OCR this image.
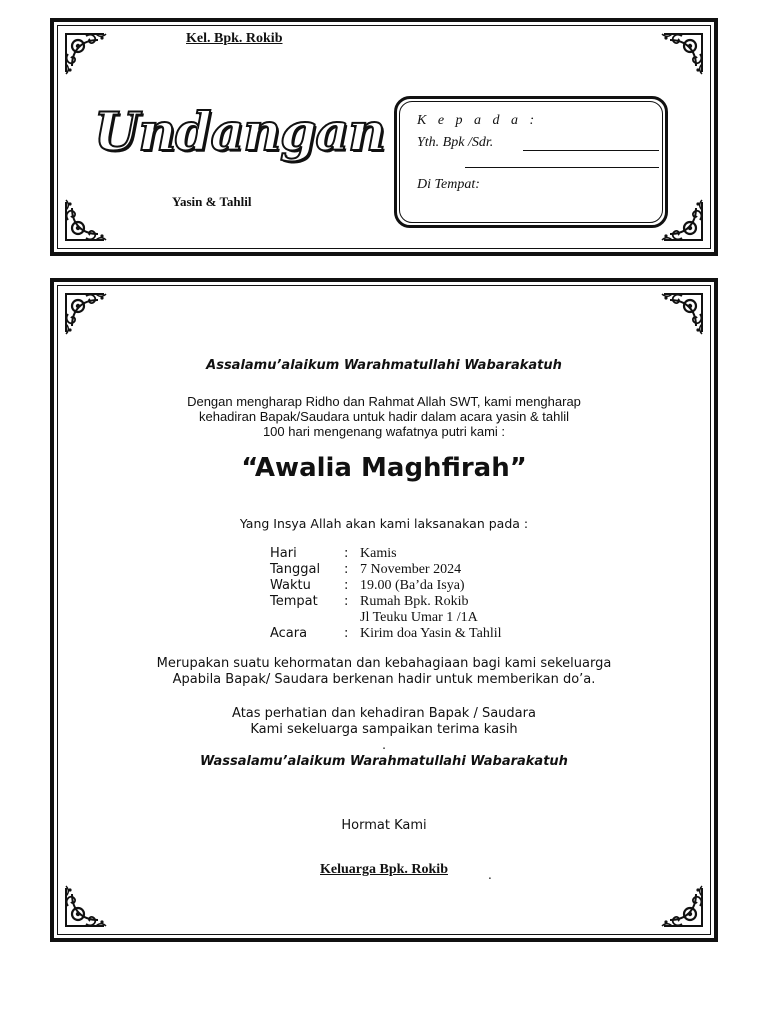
Kel. Bpk. Rokib
Undangan
Yasin & Tahlil
K e p a d a :
Yth. Bpk /Sdr.
Di Tempat:
Assalamu’alaikum Warahmatullahi Wabarakatuh
Dengan mengharap Ridho dan Rahmat Allah SWT, kami mengharap
kehadiran Bapak/Saudara untuk hadir dalam acara yasin & tahlil
100 hari mengenang wafatnya putri kami :
“Awalia Maghfirah”
Yang Insya Allah akan kami laksanakan pada :
Hari	: Kamis
Tanggal : 7 November 2024
Waktu	: 19.00 (Ba’da Isya)
Tempat : Rumah Bpk. Rokib
Jl Teuku Umar 1 /1A
Acara	: Kirim doa Yasin & Tahlil
Merupakan suatu kehormatan dan kebahagiaan bagi kami sekeluarga
Apabila Bapak/ Saudara berkenan hadir untuk memberikan do’a.
Atas perhatian dan kehadiran Bapak / Saudara
Kami sekeluarga sampaikan terima kasih
.
Wassalamu’alaikum Warahmatullahi Wabarakatuh
Hormat Kami
Keluarga Bpk. Rokib	.
